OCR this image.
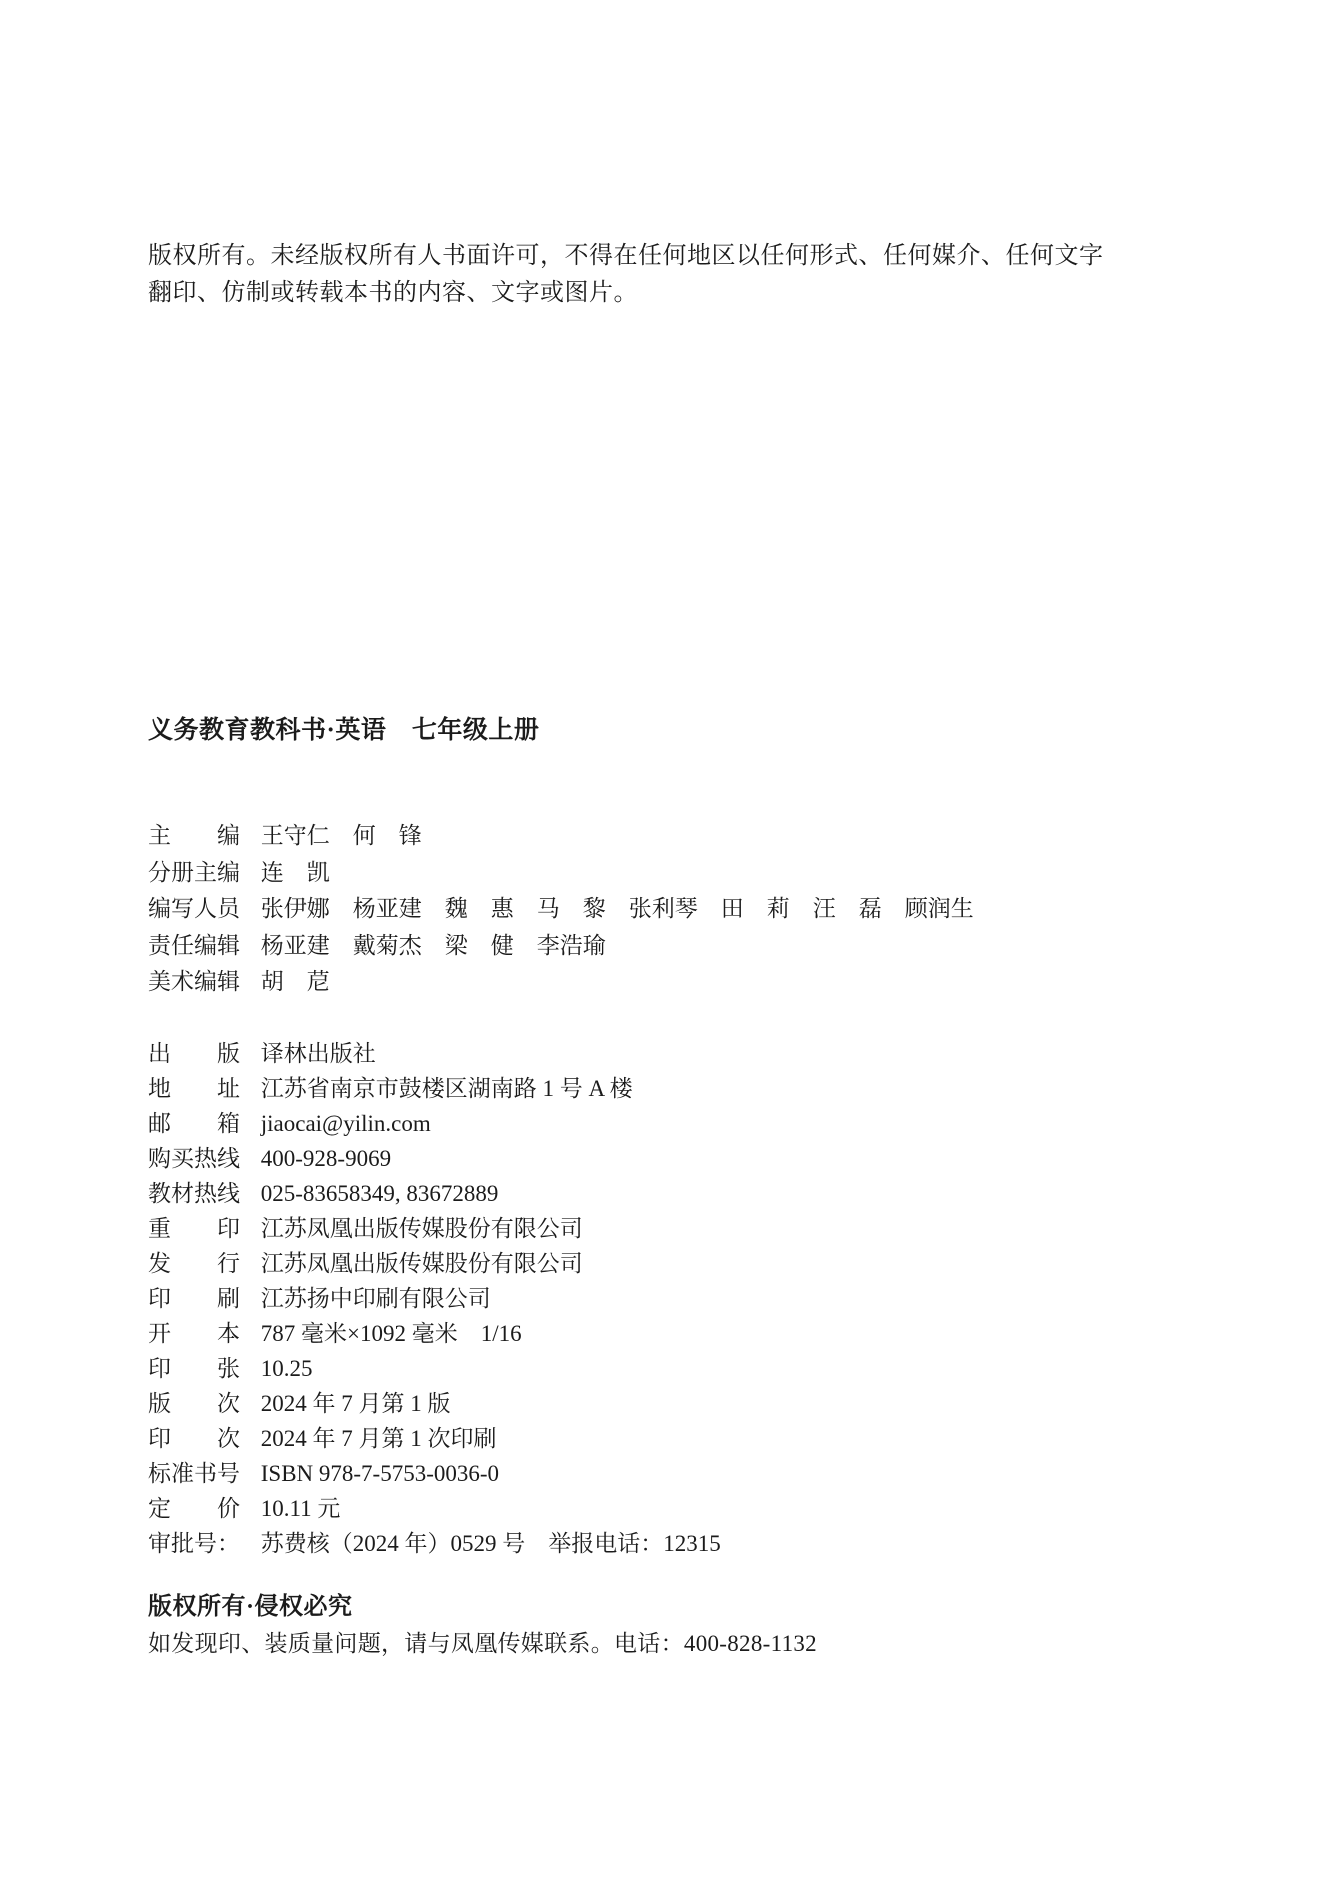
版权所有。未经版权所有人书面许可，不得在任何地区以任何形式、任何媒介、任何文字
翻印、仿制或转载本书的内容、文字或图片。
义务教育教科书·英语　七年级上册
主编 王守仁　何　锋
分册主编 连　凯
编写人员 张伊娜　杨亚建　魏　惠　马　黎　张利琴　田　莉　汪　磊　顾润生
责任编辑 杨亚建　戴菊杰　梁　健　李浩瑜
美术编辑 胡　苨
出版 译林出版社
地址 江苏省南京市鼓楼区湖南路 1 号 A 楼
邮箱 jiaocai@yilin.com
购买热线 400-928-9069
教材热线 025-83658349, 83672889
重印 江苏凤凰出版传媒股份有限公司
发行 江苏凤凰出版传媒股份有限公司
印刷 江苏扬中印刷有限公司
开本 787 毫米×1092 毫米　1/16
印张 10.25
版次 2024 年 7 月第 1 版
印次 2024 年 7 月第 1 次印刷
标准书号 ISBN 978-7-5753-0036-0
定价 10.11 元
审批号： 苏费核（2024 年）0529 号　举报电话：12315
版权所有·侵权必究
如发现印、装质量问题，请与凤凰传媒联系。电话：400-828-1132
